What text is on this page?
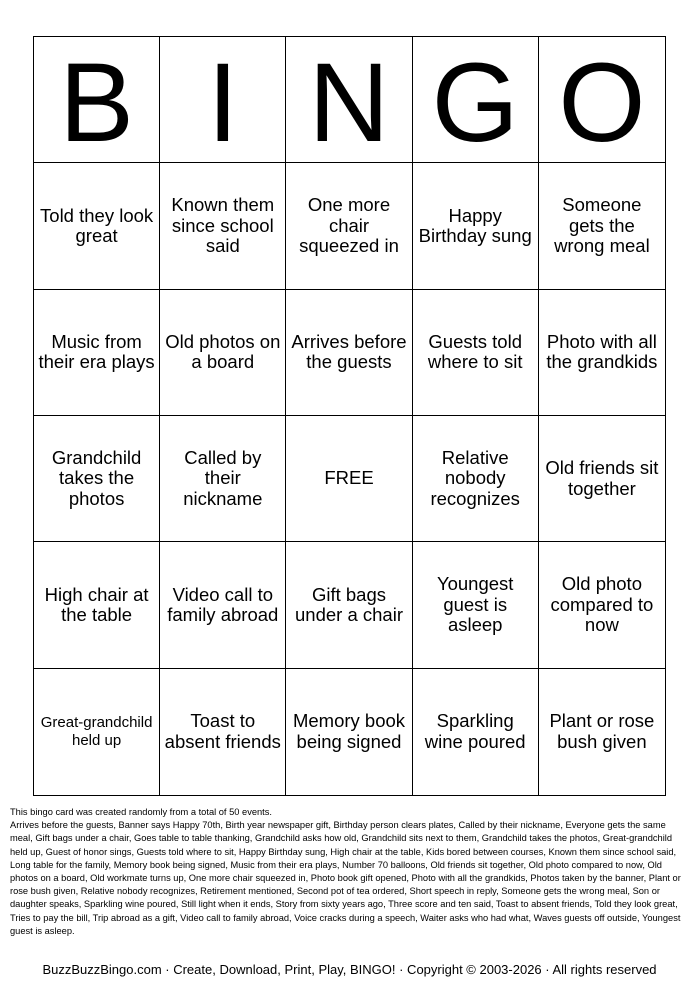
B I N G O
Told they look great
Known them since school said
One more chair squeezed in
Happy Birthday sung
Someone gets the wrong meal
Music from their era plays
Old photos on a board
Arrives before the guests
Guests told where to sit
Photo with all the grandkids
Grandchild takes the photos
Called by their nickname
FREE
Relative nobody recognizes
Old friends sit together
High chair at the table
Video call to family abroad
Gift bags under a chair
Youngest guest is asleep
Old photo compared to now
Great-grandchild held up
Toast to absent friends
Memory book being signed
Sparkling wine poured
Plant or rose bush given

This bingo card was created randomly from a total of 50 events.

Arrives before the guests, Banner says Happy 70th, Birth year newspaper gift, Birthday person clears plates, Called by their nickname, Everyone gets the same meal, Gift bags under a chair, Goes table to table thanking, Grandchild asks how old, Grandchild sits next to them, Grandchild takes the photos, Great-grandchild held up, Guest of honor sings, Guests told where to sit, Happy Birthday sung, High chair at the table, Kids bored between courses, Known them since school said, Long table for the family, Memory book being signed, Music from their era plays, Number 70 balloons, Old friends sit together, Old photo compared to now, Old photos on a board, Old workmate turns up, One more chair squeezed in, Photo book gift opened, Photo with all the grandkids, Photos taken by the banner, Plant or rose bush given, Relative nobody recognizes, Retirement mentioned, Second pot of tea ordered, Short speech in reply, Someone gets the wrong meal, Son or daughter speaks, Sparkling wine poured, Still light when it ends, Story from sixty years ago, Three score and ten said, Toast to absent friends, Told they look great, Tries to pay the bill, Trip abroad as a gift, Video call to family abroad, Voice cracks during a speech, Waiter asks who had what, Waves guests off outside, Youngest guest is asleep.

BuzzBuzzBingo.com · Create, Download, Print, Play, BINGO! · Copyright © 2003-2026 · All rights reserved
